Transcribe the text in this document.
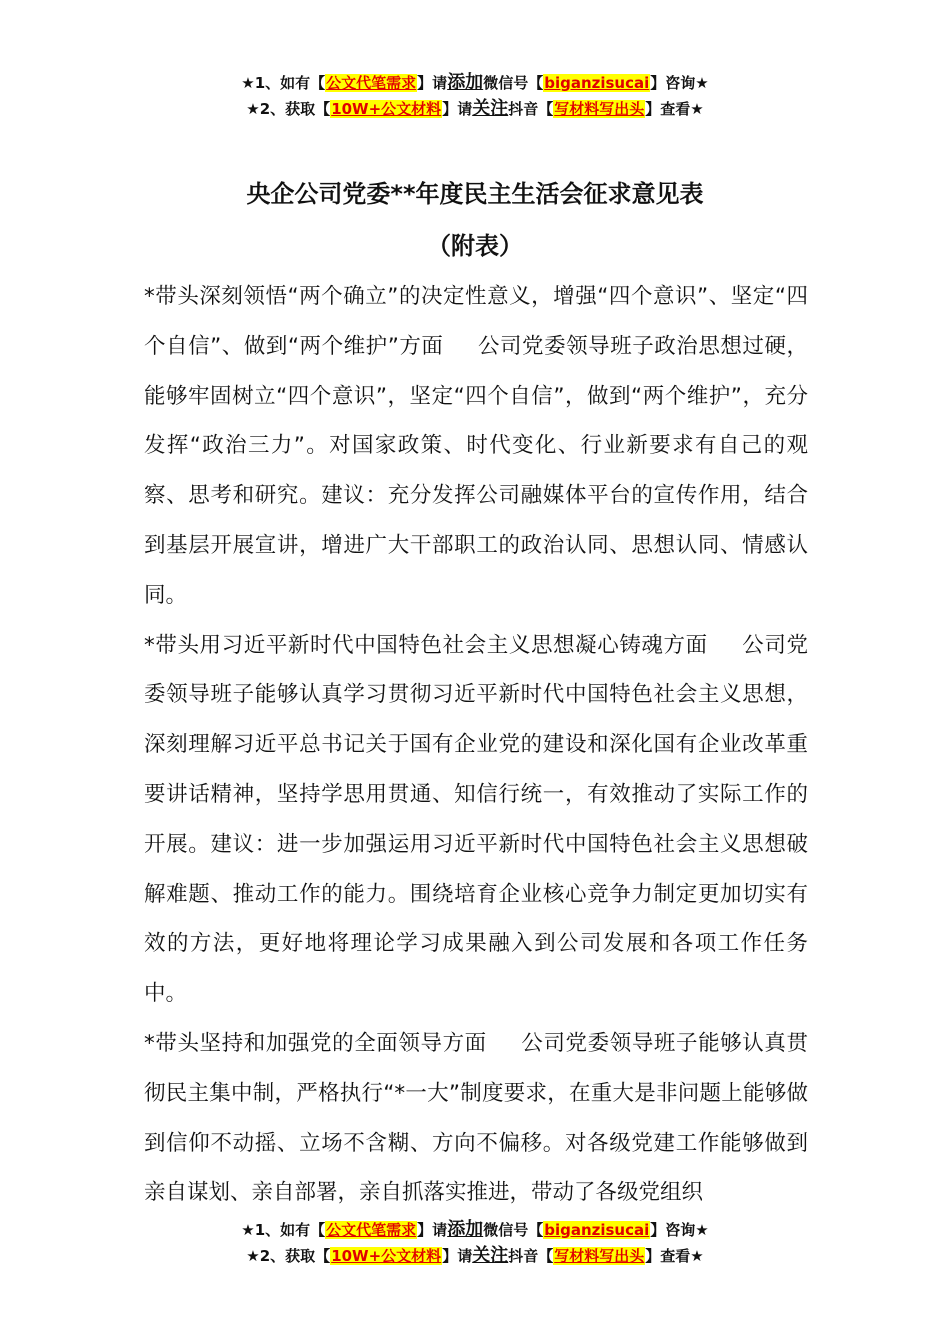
★1、如有【公文代笔需求】请添加微信号【biganzisucai】咨询★
★2、获取【10W+公文材料】请关注抖音【写材料写出头】查看★
央企公司党委**年度民主生活会征求意见表
（附表）

*带头深刻领悟“两个确立”的决定性意义，增强“四个意识”、坚定“四个自信”、做到“两个维护”方面 公司党委领导班子政治思想过硬，能够牢固树立“四个意识”，坚定“四个自信”，做到“两个维护”，充分发挥“政治三力”。对国家政策、时代变化、行业新要求有自己的观察、思考和研究。建议：充分发挥公司融媒体平台的宣传作用，结合到基层开展宣讲，增进广大干部职工的政治认同、思想认同、情感认同。

*带头用习近平新时代中国特色社会主义思想凝心铸魂方面 公司党委领导班子能够认真学习贯彻习近平新时代中国特色社会主义思想，深刻理解习近平总书记关于国有企业党的建设和深化国有企业改革重要讲话精神，坚持学思用贯通、知信行统一，有效推动了实际工作的开展。建议：进一步加强运用习近平新时代中国特色社会主义思想破解难题、推动工作的能力。围绕培育企业核心竞争力制定更加切实有效的方法，更好地将理论学习成果融入到公司发展和各项工作任务中。

*带头坚持和加强党的全面领导方面 公司党委领导班子能够认真贯彻民主集中制，严格执行“*一大”制度要求，在重大是非问题上能够做到信仰不动摇、立场不含糊、方向不偏移。对各级党建工作能够做到亲自谋划、亲自部署，亲自抓落实推进，带动了各级党组织

★1、如有【公文代笔需求】请添加微信号【biganzisucai】咨询★
★2、获取【10W+公文材料】请关注抖音【写材料写出头】查看★
